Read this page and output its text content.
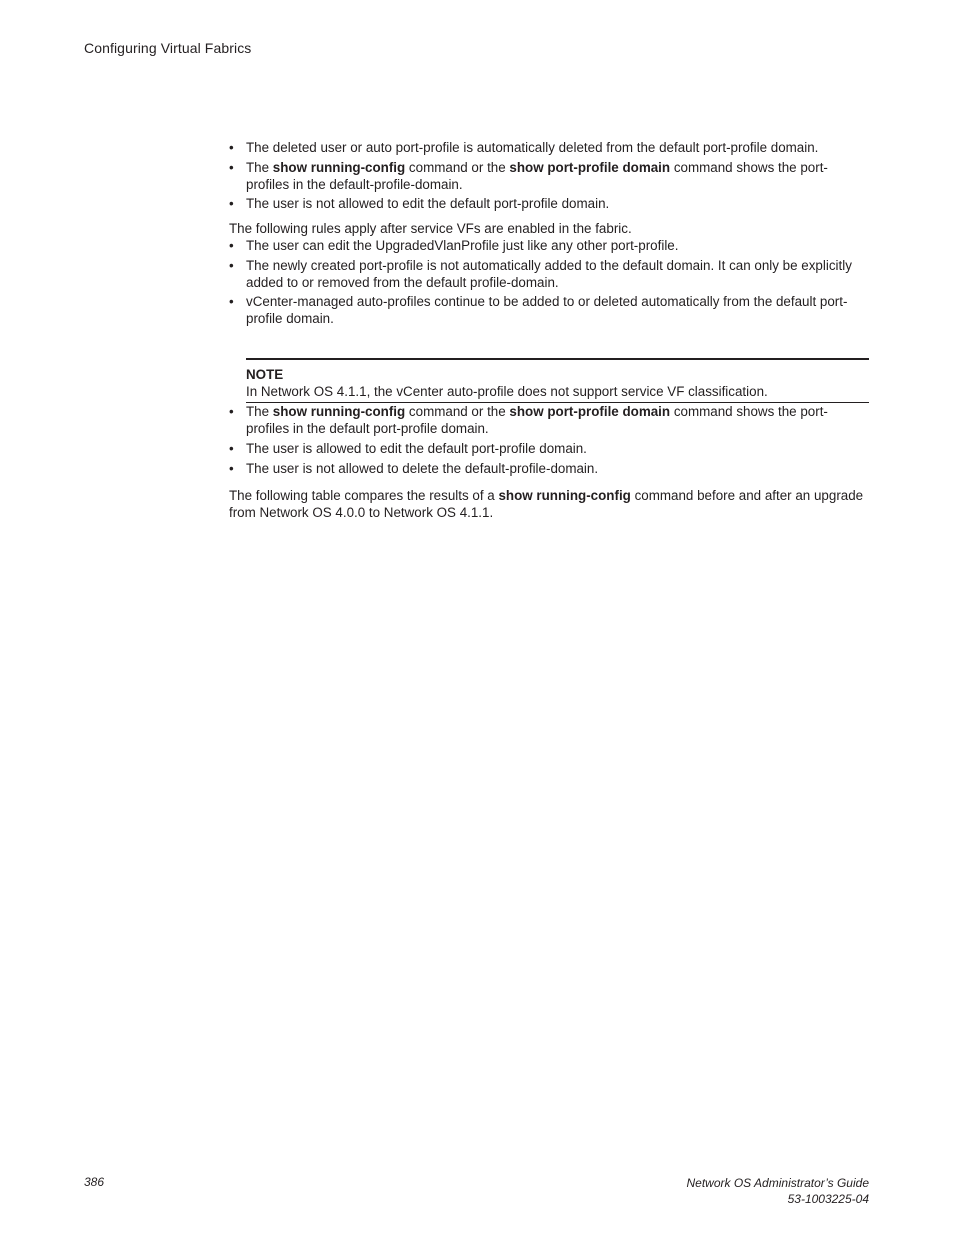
Configuring Virtual Fabrics
• The deleted user or auto port-profile is automatically deleted from the default port-profile domain.
• The show running-config command or the show port-profile domain command shows the port-profiles in the default-profile-domain.
• The user is not allowed to edit the default port-profile domain.

The following rules apply after service VFs are enabled in the fabric.

• The user can edit the UpgradedVlanProfile just like any other port-profile.
• The newly created port-profile is not automatically added to the default domain. It can only be explicitly added to or removed from the default profile-domain.
• vCenter-managed auto-profiles continue to be added to or deleted automatically from the default port-profile domain.
NOTE
In Network OS 4.1.1, the vCenter auto-profile does not support service VF classification.
• The show running-config command or the show port-profile domain command shows the port-profiles in the default port-profile domain.
• The user is allowed to edit the default port-profile domain.
• The user is not allowed to delete the default-profile-domain.

The following table compares the results of a show running-config command before and after an upgrade from Network OS 4.0.0 to Network OS 4.1.1.

386	Network OS Administrator’s Guide
53-1003225-04
